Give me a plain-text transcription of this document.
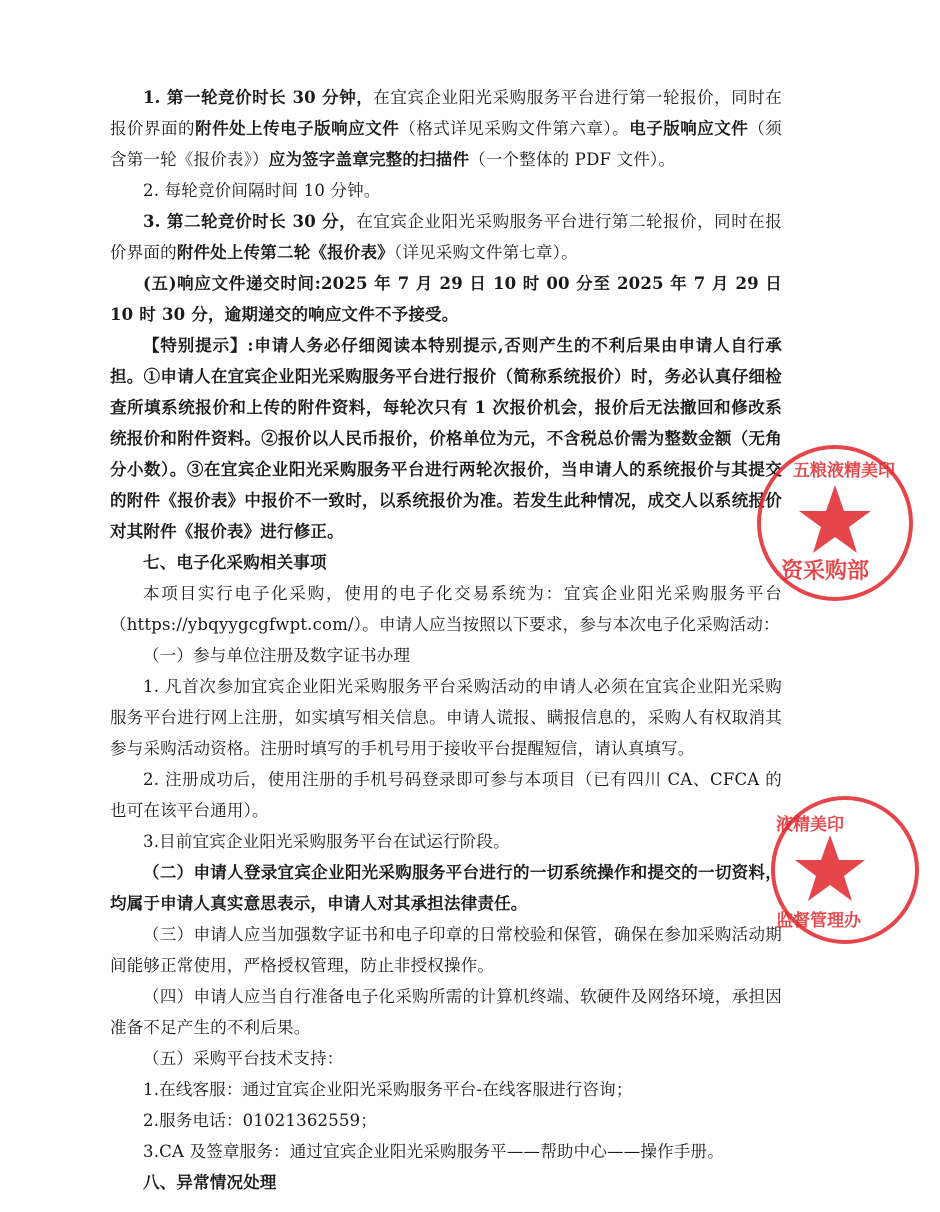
1. 第一轮竞价时长 30 分钟，在宜宾企业阳光采购服务平台进行第一轮报价，同时在报价界面的附件处上传电子版响应文件（格式详见采购文件第六章）。电子版响应文件（须含第一轮《报价表》）应为签字盖章完整的扫描件（一个整体的 PDF 文件）。

2. 每轮竞价间隔时间 10 分钟。

3. 第二轮竞价时长 30 分，在宜宾企业阳光采购服务平台进行第二轮报价，同时在报价界面的附件处上传第二轮《报价表》（详见采购文件第七章）。

(五)响应文件递交时间:2025 年 7 月 29 日 10 时 00 分至 2025 年 7 月 29 日 10 时 30 分，逾期递交的响应文件不予接受。

【特别提示】:申请人务必仔细阅读本特别提示,否则产生的不利后果由申请人自行承担。①申请人在宜宾企业阳光采购服务平台进行报价（简称系统报价）时，务必认真仔细检查所填系统报价和上传的附件资料，每轮次只有 1 次报价机会，报价后无法撤回和修改系统报价和附件资料。②报价以人民币报价，价格单位为元，不含税总价需为整数金额（无角分小数）。③在宜宾企业阳光采购服务平台进行两轮次报价，当申请人的系统报价与其提交的附件《报价表》中报价不一致时，以系统报价为准。若发生此种情况，成交人以系统报价对其附件《报价表》进行修正。

七、电子化采购相关事项

本项目实行电子化采购，使用的电子化交易系统为：宜宾企业阳光采购服务平台（https://ybqyygcgfwpt.com/）。申请人应当按照以下要求，参与本次电子化采购活动：

（一）参与单位注册及数字证书办理

1. 凡首次参加宜宾企业阳光采购服务平台采购活动的申请人必须在宜宾企业阳光采购服务平台进行网上注册，如实填写相关信息。申请人谎报、瞒报信息的，采购人有权取消其参与采购活动资格。注册时填写的手机号用于接收平台提醒短信，请认真填写。

2. 注册成功后，使用注册的手机号码登录即可参与本项目（已有四川 CA、CFCA 的也可在该平台通用）。

3.目前宜宾企业阳光采购服务平台在试运行阶段。

（二）申请人登录宜宾企业阳光采购服务平台进行的一切系统操作和提交的一切资料，均属于申请人真实意思表示，申请人对其承担法律责任。

（三）申请人应当加强数字证书和电子印章的日常校验和保管，确保在参加采购活动期间能够正常使用，严格授权管理，防止非授权操作。

（四）申请人应当自行准备电子化采购所需的计算机终端、软硬件及网络环境，承担因准备不足产生的不利后果。

（五）采购平台技术支持：

1.在线客服：通过宜宾企业阳光采购服务平台-在线客服进行咨询；

2.服务电话：01021362559；

3.CA 及签章服务：通过宜宾企业阳光采购服务平——帮助中心——操作手册。

八、异常情况处理

五粮液精美印
资采购部
液精美印
监督管理办
